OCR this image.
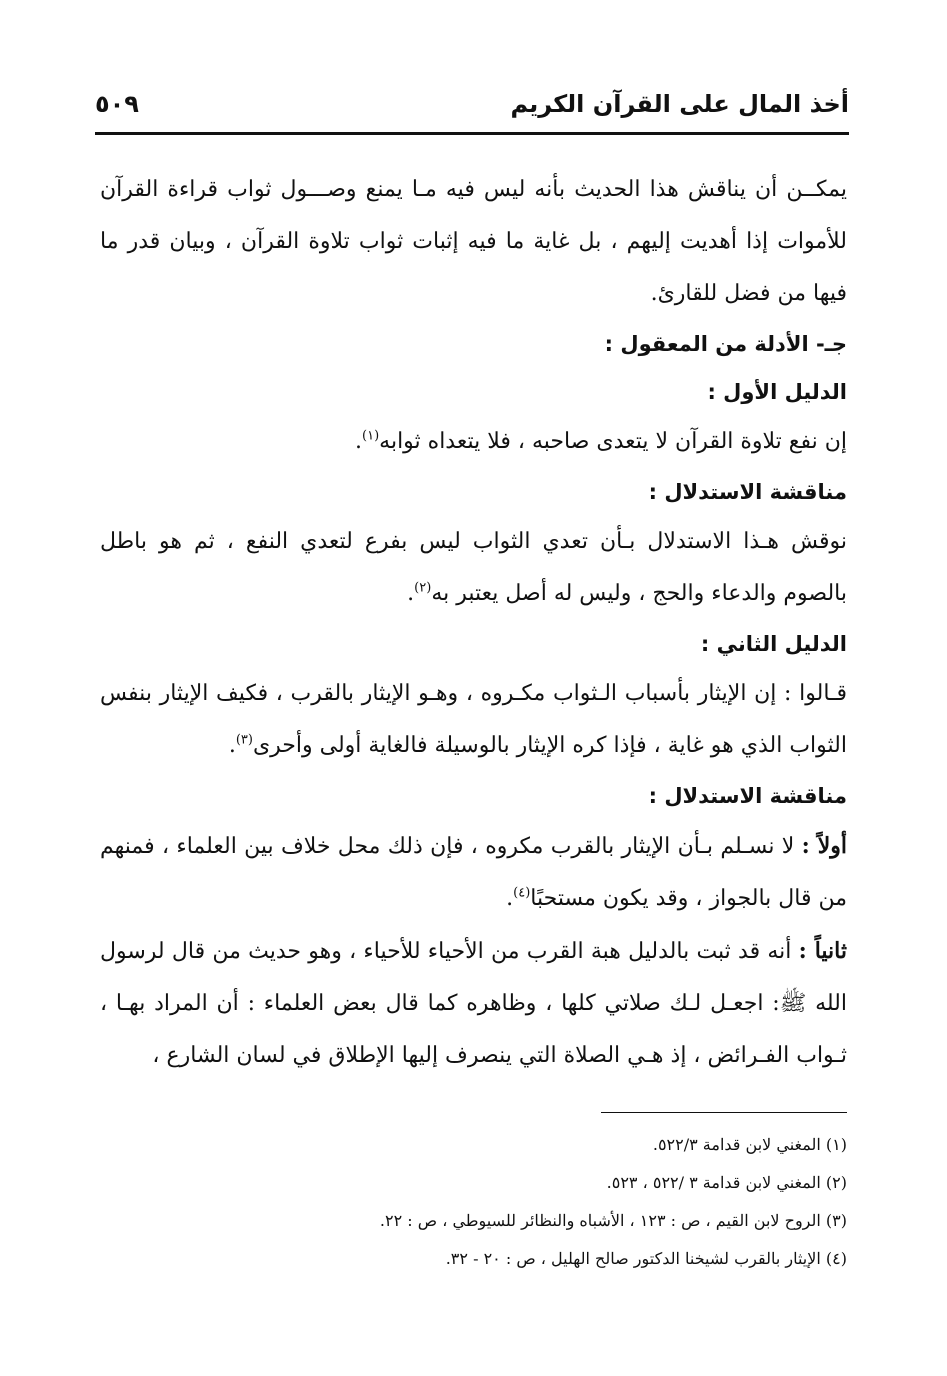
أخذ المال على القرآن الكريم
٥٠٩

يمكــن أن يناقش هذا الحديث بأنه ليس فيه مـا يمنع وصـــول ثواب قراءة القرآن للأموات إذا أهديت إليهم ، بل غاية ما فيه إثبات ثواب تلاوة القرآن ، وبيان قدر ما فيها من فضل للقارئ.

جـ- الأدلة من المعقول :

الدليل الأول :

إن نفع تلاوة القرآن لا يتعدى صاحبه ، فلا يتعداه ثوابه$^{(١)}$.

مناقشة الاستدلال :

نوقش هـذا الاستدلال بـأن تعدي الثواب ليس بفرع لتعدي النفع ، ثم هو باطل بالصوم والدعاء والحج ، وليس له أصل يعتبر به$^{(٢)}$.

الدليل الثاني :

قـالوا : إن الإيثار بأسباب الـثواب مكـروه ، وهـو الإيثار بالقرب ، فكيف الإيثار بنفس الثواب الذي هو غاية ، فإذا كره الإيثار بالوسيلة فالغاية أولى وأحرى$^{(٣)}$.

مناقشة الاستدلال :

أولاً : لا نسـلم بـأن الإيثار بالقرب مكروه ، فإن ذلك محل خلاف بين العلماء ، فمنهم من قال بالجواز ، وقد يكون مستحبًا$^{(٤)}$.

ثانياً : أنه قد ثبت بالدليل هبة القرب من الأحياء للأحياء ، وهو حديث من قال لرسول الله ﷺ: اجعـل لـك صلاتي كلها ، وظاهره كما قال بعض العلماء : أن المراد بهـا ، ثـواب الفـرائض ، إذ هـي الصلاة التي ينصرف إليها الإطلاق في لسان الشارع ،

(١) المغني لابن قدامة ٥٢٢/٣.
(٢) المغني لابن قدامة ٣ /٥٢٢ ، ٥٢٣.
(٣) الروح لابن القيم ، ص : ١٢٣ ، الأشباه والنظائر للسيوطي ، ص : ٢٢.
(٤) الإيثار بالقرب لشيخنا الدكتور صالح الهليل ، ص : ٢٠ - ٣٢.
